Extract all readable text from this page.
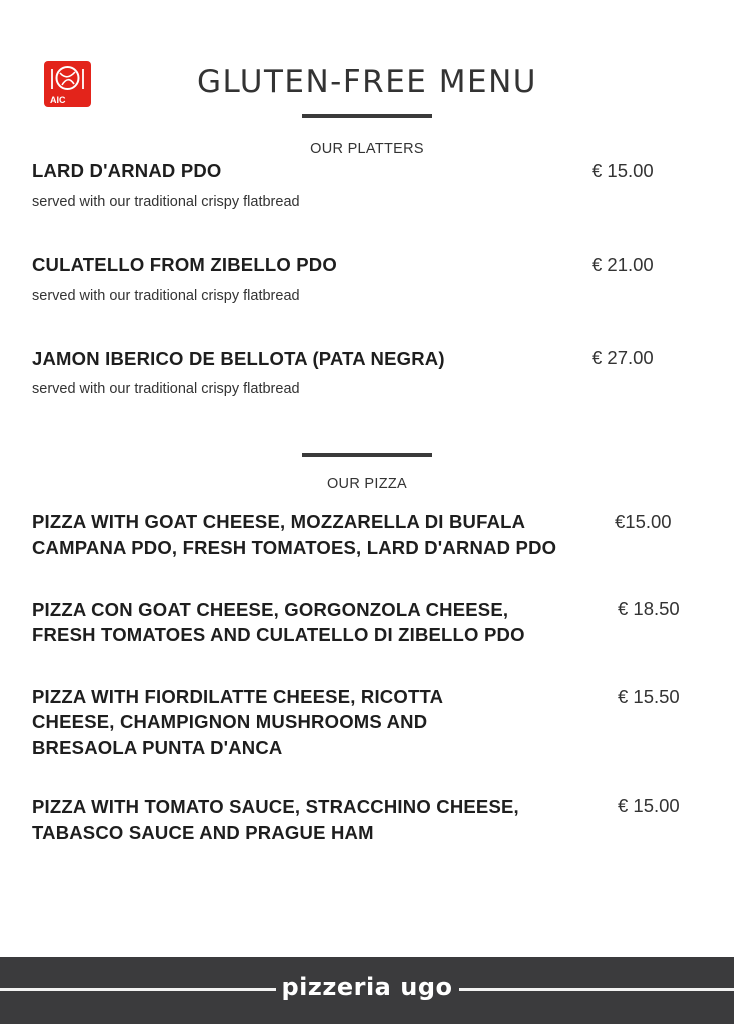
AIC	GLUTEN-FREE MENU
OUR PLATTERS

LARD D'ARNAD PDO	€ 15.00
served with our traditional crispy flatbread

CULATELLO FROM ZIBELLO PDO	€ 21.00
served with our traditional crispy flatbread

JAMON IBERICO DE BELLOTA (PATA NEGRA)	€ 27.00
served with our traditional crispy flatbread
OUR PIZZA

PIZZA WITH GOAT CHEESE, MOZZARELLA DI BUFALA

CAMPANA PDO, FRESH TOMATOES, LARD D'ARNAD PDO

€15.00

PIZZA CON GOAT CHEESE, GORGONZOLA CHEESE,

FRESH TOMATOES AND CULATELLO DI ZIBELLO PDO

€ 18.50

PIZZA WITH FIORDILATTE CHEESE, RICOTTA

CHEESE, CHAMPIGNON MUSHROOMS AND

BRESAOLA PUNTA D'ANCA

€ 15.50

PIZZA WITH TOMATO SAUCE, STRACCHINO CHEESE,

TABASCO SAUCE AND PRAGUE HAM

€ 15.00
pizzeria ugo
